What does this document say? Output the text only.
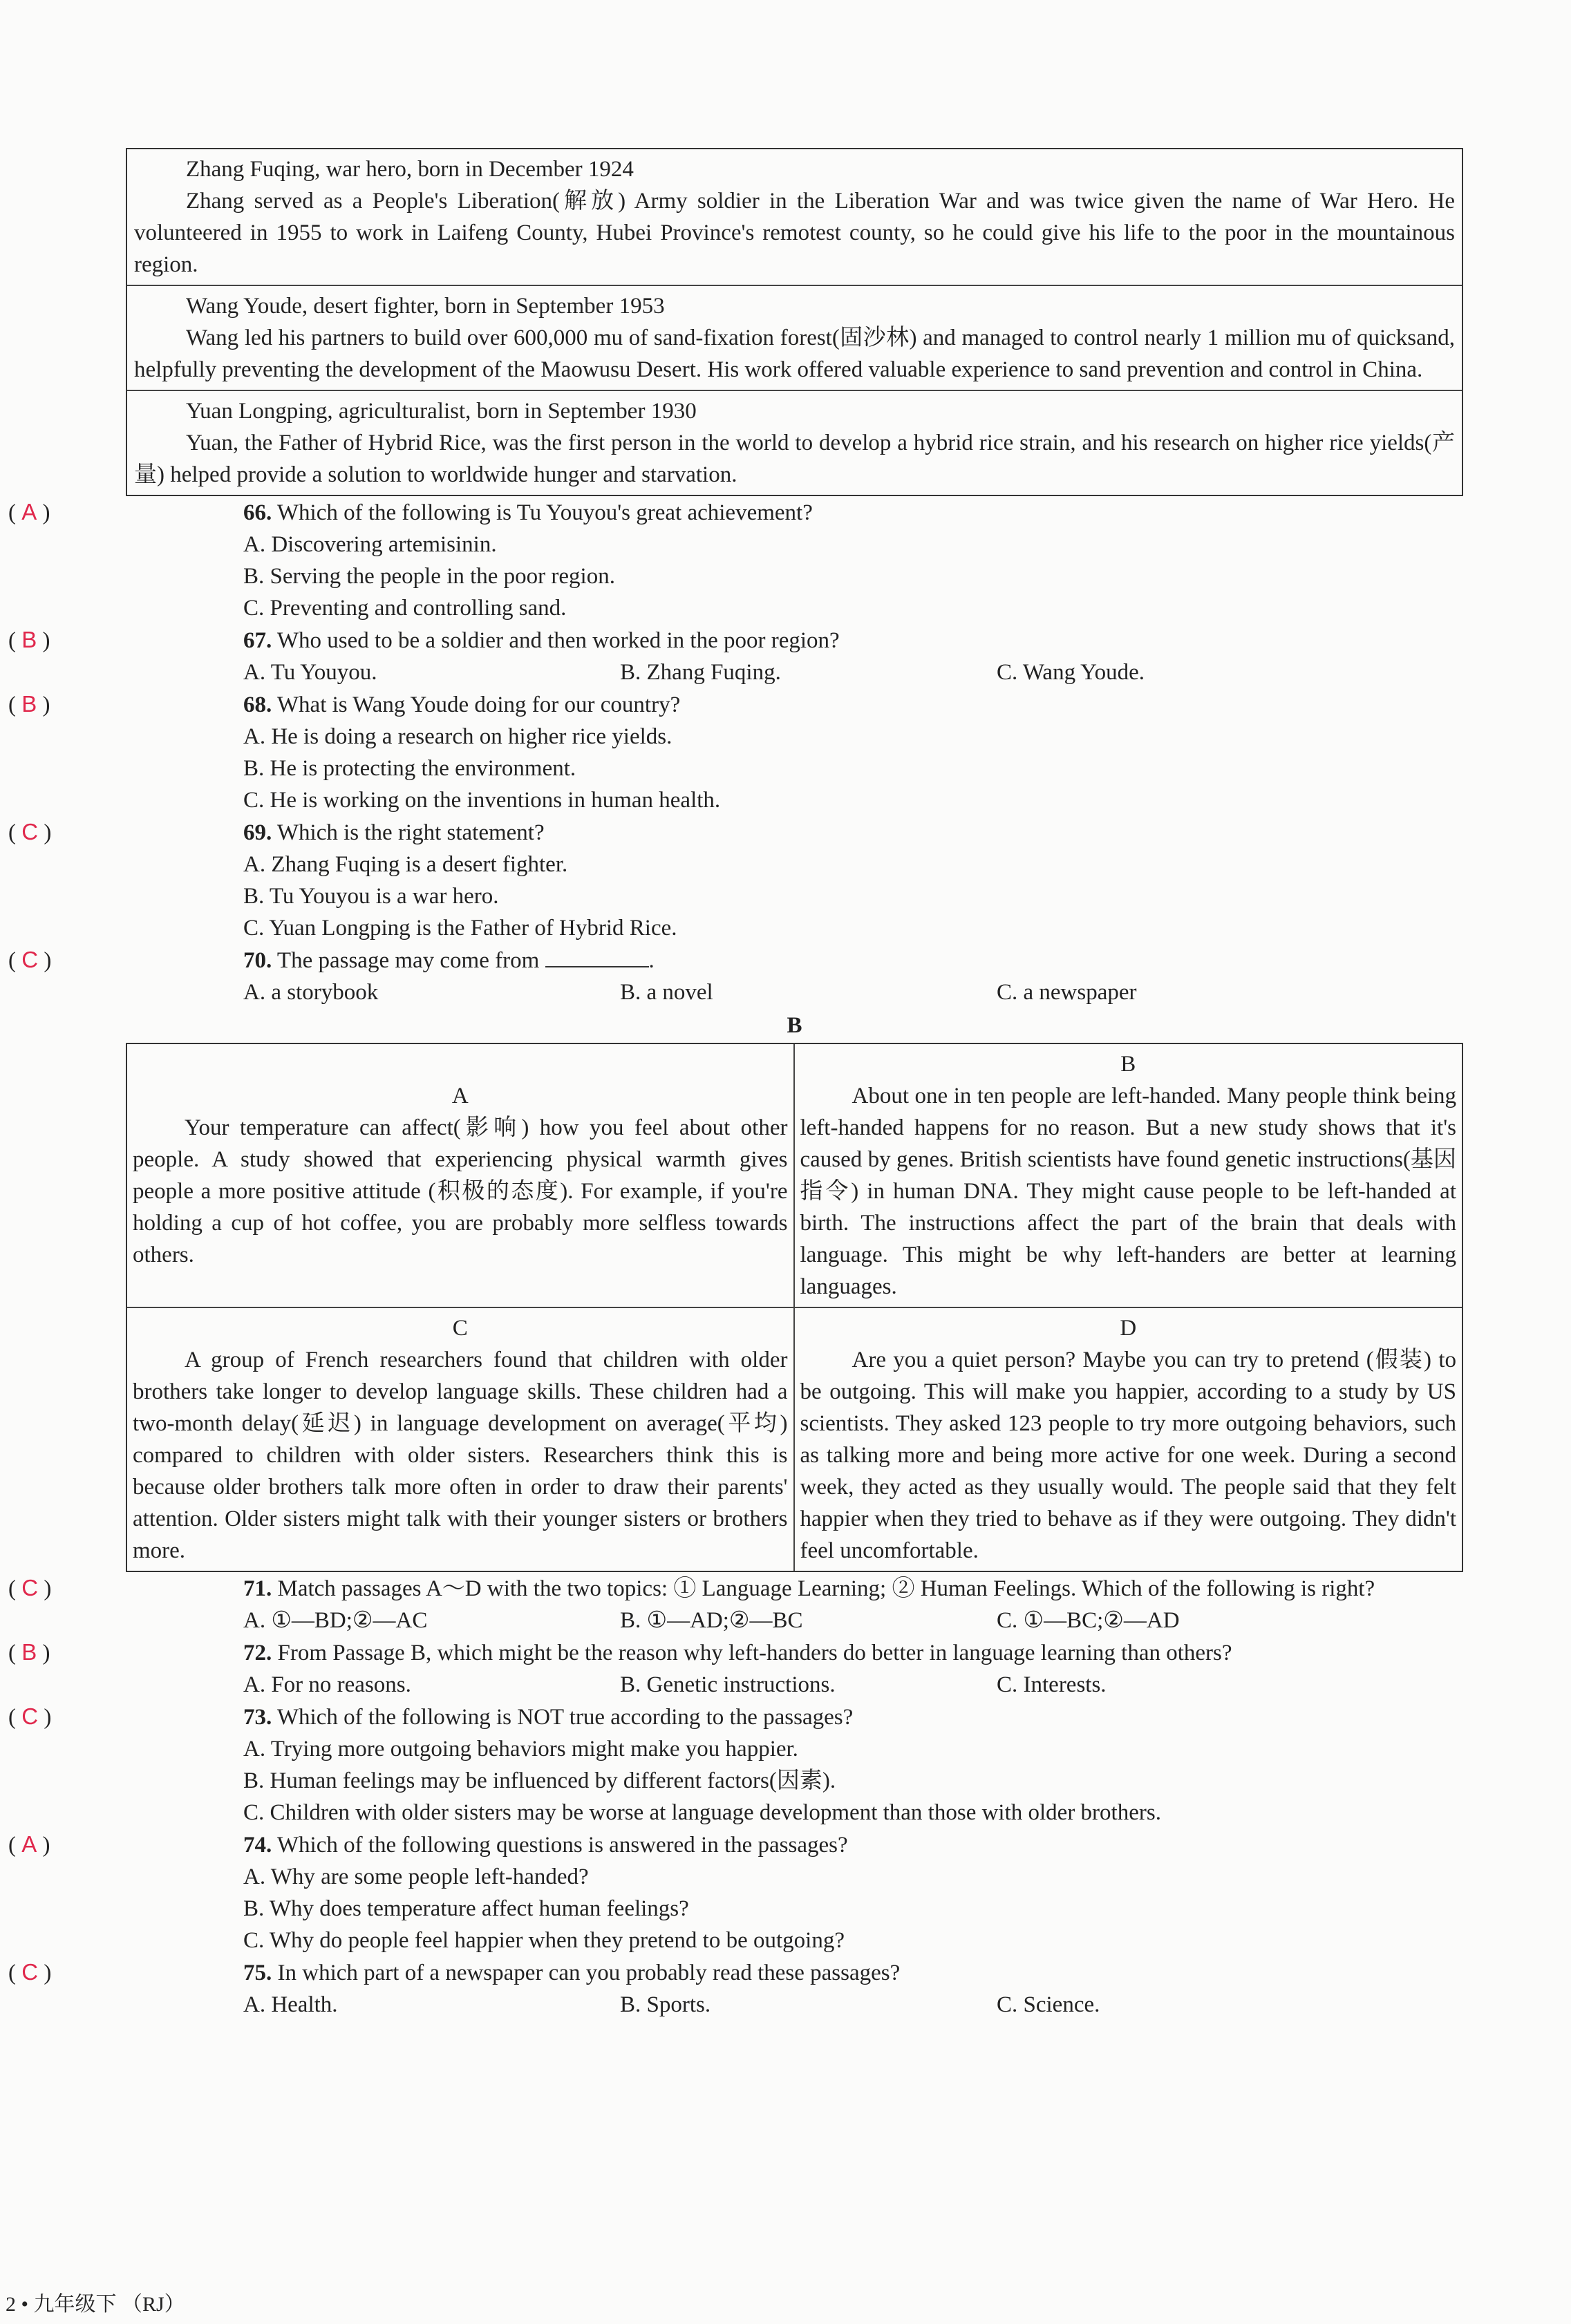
Zhang Fuqing, war hero, born in December 1924
Zhang served as a People's Liberation(解放) Army soldier in the Liberation War and was twice given the name of War Hero. He volunteered in 1955 to work in Laifeng County, Hubei Province's remotest county, so he could give his life to the poor in the mountainous region.
Wang Youde, desert fighter, born in September 1953
Wang led his partners to build over 600,000 mu of sand-fixation forest(固沙林) and managed to control nearly 1 million mu of quicksand, helpfully preventing the development of the Maowusu Desert. His work offered valuable experience to sand prevention and control in China.
Yuan Longping, agriculturalist, born in September 1930
Yuan, the Father of Hybrid Rice, was the first person in the world to develop a hybrid rice strain, and his research on higher rice yields(产量) helped provide a solution to worldwide hunger and starvation.
( A )	66. Which of the following is Tu Youyou's great achievement?
A. Discovering artemisinin.
B. Serving the people in the poor region.
C. Preventing and controlling sand.
( B )	67. Who used to be a soldier and then worked in the poor region?
A. Tu Youyou.	B. Zhang Fuqing.	C. Wang Youde.
( B )	68. What is Wang Youde doing for our country?
A. He is doing a research on higher rice yields.
B. He is protecting the environment.
C. He is working on the inventions in human health.
( C )	69. Which is the right statement?
A. Zhang Fuqing is a desert fighter.
B. Tu Youyou is a war hero.
C. Yuan Longping is the Father of Hybrid Rice.
( C )	70. The passage may come from	.
A. a storybook	B. a novel	C. a newspaper
B
A
Your temperature can affect(影响) how you feel about other people. A study showed that experiencing physical warmth gives people a more positive attitude (积极的态度). For example, if you're holding a cup of hot coffee, you are probably more selfless towards others.
B
About one in ten people are left-handed. Many people think being left-handed happens for no reason. But a new study shows that it's caused by genes. British scientists have found genetic instructions(基因指令) in human DNA. They might cause people to be left-handed at birth. The instructions affect the part of the brain that deals with language. This might be why left-handers are better at learning languages.
C
A group of French researchers found that children with older brothers take longer to develop language skills. These children had a two-month delay(延迟) in language development on average(平均) compared to children with older sisters. Researchers think this is because older brothers talk more often in order to draw their parents' attention. Older sisters might talk with their younger sisters or brothers more.
D
Are you a quiet person? Maybe you can try to pretend (假装) to be outgoing. This will make you happier, according to a study by US scientists. They asked 123 people to try more outgoing behaviors, such as talking more and being more active for one week. During a second week, they acted as they usually would. The people said that they felt happier when they tried to behave as if they were outgoing. They didn't feel uncomfortable.
( C )	71. Match passages A～D with the two topics: ① Language Learning; ② Human Feelings. Which of the following is right?
A. ①—BD;②—AC	B. ①—AD;②—BC	C. ①—BC;②—AD
( B )	72. From Passage B, which might be the reason why left-handers do better in language learning than others?
A. For no reasons.	B. Genetic instructions.	C. Interests.
( C )	73. Which of the following is NOT true according to the passages?
A. Trying more outgoing behaviors might make you happier.
B. Human feelings may be influenced by different factors(因素).
C. Children with older sisters may be worse at language development than those with older brothers.
( A )	74. Which of the following questions is answered in the passages?
A. Why are some people left-handed?
B. Why does temperature affect human feelings?
C. Why do people feel happier when they pretend to be outgoing?
( C )	75. In which part of a newspaper can you probably read these passages?
A. Health.	B. Sports.	C. Science.
2 • 九年级下 （RJ）
